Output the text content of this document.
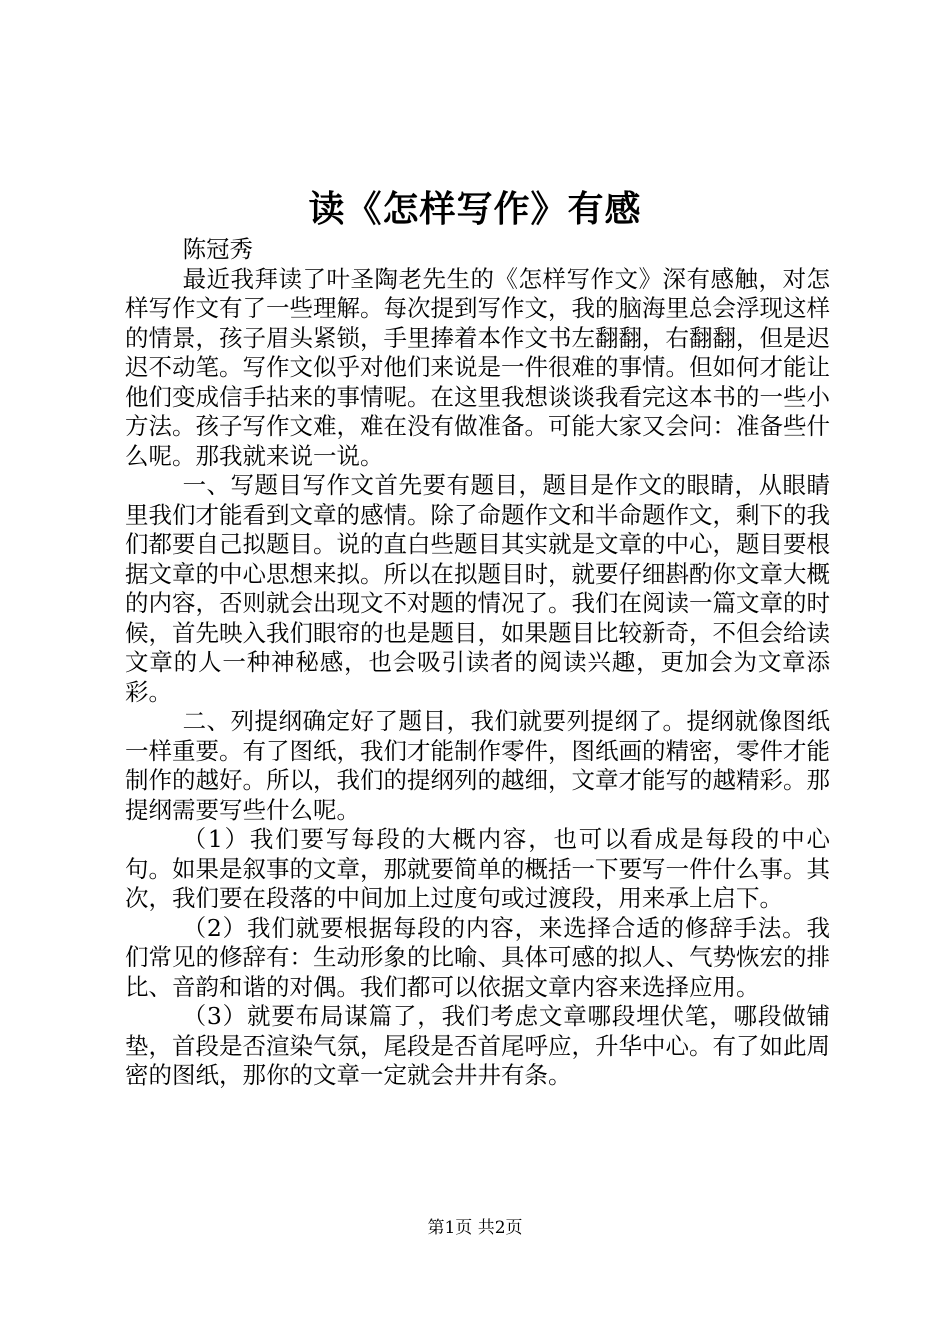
读《怎样写作》有感

陈冠秀

最近我拜读了叶圣陶老先生的《怎样写作文》深有感触，对怎样写作文有了一些理解。每次提到写作文，我的脑海里总会浮现这样的情景，孩子眉头紧锁，手里捧着本作文书左翻翻，右翻翻，但是迟迟不动笔。写作文似乎对他们来说是一件很难的事情。但如何才能让他们变成信手拈来的事情呢。在这里我想谈谈我看完这本书的一些小方法。孩子写作文难，难在没有做准备。可能大家又会问：准备些什么呢。那我就来说一说。

一、写题目写作文首先要有题目，题目是作文的眼睛，从眼睛里我们才能看到文章的感情。除了命题作文和半命题作文，剩下的我们都要自己拟题目。说的直白些题目其实就是文章的中心，题目要根据文章的中心思想来拟。所以在拟题目时，就要仔细斟酌你文章大概的内容，否则就会出现文不对题的情况了。我们在阅读一篇文章的时候，首先映入我们眼帘的也是题目，如果题目比较新奇，不但会给读文章的人一种神秘感，也会吸引读者的阅读兴趣，更加会为文章添彩。

二、列提纲确定好了题目，我们就要列提纲了。提纲就像图纸一样重要。有了图纸，我们才能制作零件，图纸画的精密，零件才能制作的越好。所以，我们的提纲列的越细，文章才能写的越精彩。那提纲需要写些什么呢。

（1）我们要写每段的大概内容，也可以看成是每段的中心句。如果是叙事的文章，那就要简单的概括一下要写一件什么事。其次，我们要在段落的中间加上过度句或过渡段，用来承上启下。

（2）我们就要根据每段的内容，来选择合适的修辞手法。我们常见的修辞有：生动形象的比喻、具体可感的拟人、气势恢宏的排比、音韵和谐的对偶。我们都可以依据文章内容来选择应用。

（3）就要布局谋篇了，我们考虑文章哪段埋伏笔，哪段做铺垫，首段是否渲染气氛，尾段是否首尾呼应，升华中心。有了如此周密的图纸，那你的文章一定就会井井有条。

第1页 共2页
